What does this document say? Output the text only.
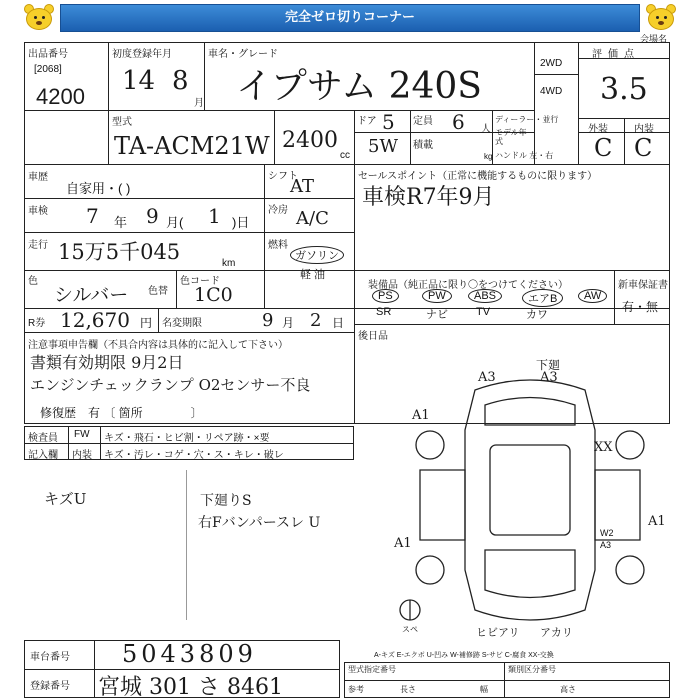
完全ゼロ切りコーナー
会場名
出品番号
[2068]
4200
初度登録年月
14 8
月
車名・グレード
イプサム 240S
2WD
4WD
評価点
3.5
外装	内装
C C
型式
TA-ACM21W 2400
cc
ドア 5 定員 6 人
ディーラー・並行
積載
5W	kg
モデル年式
ハンドル 左・右
車歴
自家用・( )
シフト
AT	セールスポイント（正常に機能するものに限ります）
車検R7年9月
車検 7 年 9 月( 1 )日
冷房 A/C
走行 15万5千045	km
燃料
ガソリン
軽 油
色
シルバー 色替
色コード
1C0	装備品（純正品に限り〇をつけてください）	新車保証書
有・無
PS	PW	ABS	エアB	AW
SR	ナビ	TV	カワ
R券 12,670 円 名変期限	9 月 2 日
後日品
注意事項申告欄（不具合内容は具体的に記入して下さい）
書類有効期限 9月2日
エンジンチェックランプ O2センサー不良
修復歴　有 〔 箇所　　　　〕
検査員
記入欄
FW キズ・飛石・ヒビ割・リペア跡・×要
内装 キズ・汚レ・コゲ・穴・ス・キレ・破レ
キズU	下廻りS
右Fバンパースレ U
下廻
A3	A3
A1
XX
A1
A1
W2
A3
スペ	ヒビアリ アカリ
車台番号 5043809
登録番号 宮城 301 さ 8461
型式指定番号	類別区分番号
参考	長さ	幅	高さ
A-キズ E-エクボ U-凹み W-補修跡 S-サビ C-腐食 XX-交換
